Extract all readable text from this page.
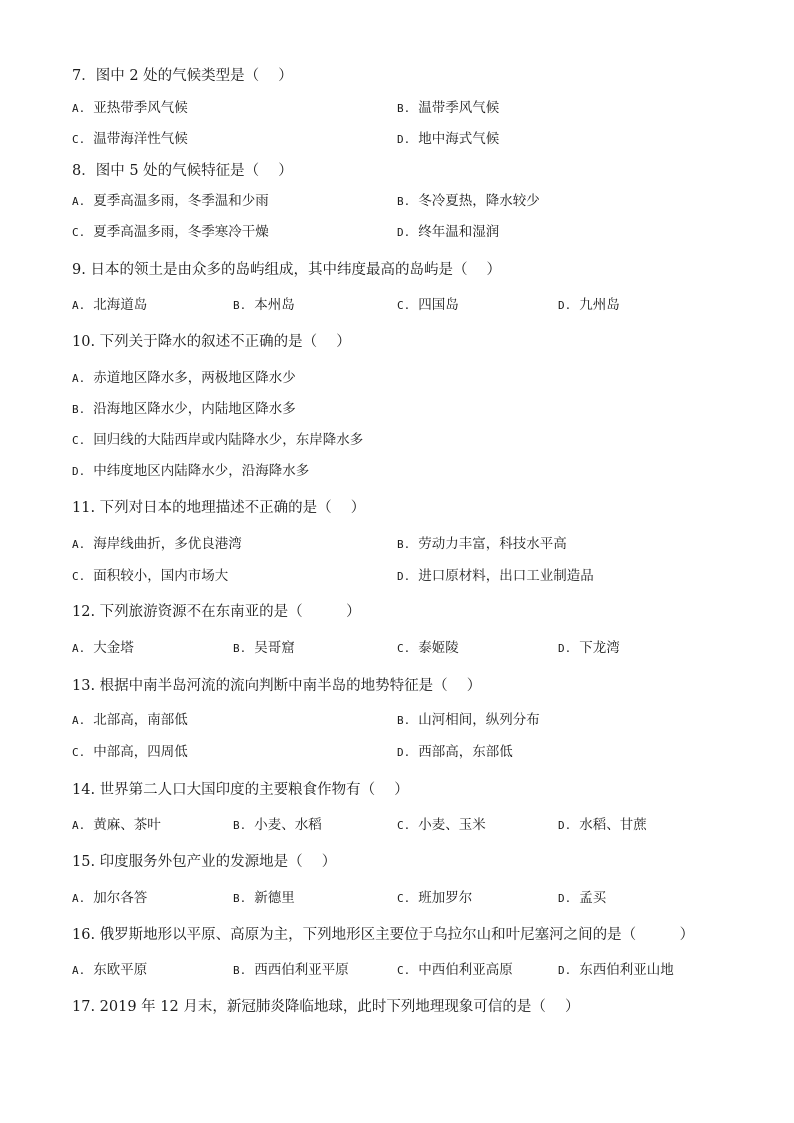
7．图中 2 处的气候类型是（　 ）
A. 亚热带季风气候	B. 温带季风气候
C. 温带海洋性气候	D. 地中海式气候
8．图中 5 处的气候特征是（　 ）
A. 夏季高温多雨，冬季温和少雨	B. 冬冷夏热，降水较少
C. 夏季高温多雨，冬季寒冷干燥	D. 终年温和湿润
9. 日本的领土是由众多的岛屿组成，其中纬度最高的岛屿是（　 ）
A. 北海道岛	B. 本州岛	C. 四国岛	D. 九州岛
10. 下列关于降水的叙述不正确的是（　 ）
A. 赤道地区降水多，两极地区降水少
B. 沿海地区降水少，内陆地区降水多
C. 回归线的大陆西岸或内陆降水少，东岸降水多
D. 中纬度地区内陆降水少，沿海降水多
11. 下列对日本的地理描述不正确的是（　 ）
A. 海岸线曲折，多优良港湾	B. 劳动力丰富，科技水平高
C. 面积较小，国内市场大	D. 进口原材料，出口工业制造品
12. 下列旅游资源不在东南亚的是（　　　）
A. 大金塔	B. 吴哥窟	C. 泰姬陵	D. 下龙湾
13. 根据中南半岛河流的流向判断中南半岛的地势特征是（　 ）
A. 北部高，南部低	B. 山河相间，纵列分布
C. 中部高，四周低	D. 西部高，东部低
14. 世界第二人口大国印度的主要粮食作物有（　 ）
A. 黄麻、茶叶	B. 小麦、水稻	C. 小麦、玉米	D. 水稻、甘蔗
15. 印度服务外包产业的发源地是（　 ）
A. 加尔各答	B. 新德里	C. 班加罗尔	D. 孟买
16. 俄罗斯地形以平原、高原为主，下列地形区主要位于乌拉尔山和叶尼塞河之间的是（　　　）
A. 东欧平原	B. 西西伯利亚平原	C. 中西伯利亚高原	D. 东西伯利亚山地
17. 2019 年 12 月末，新冠肺炎降临地球，此时下列地理现象可信的是（　 ）
